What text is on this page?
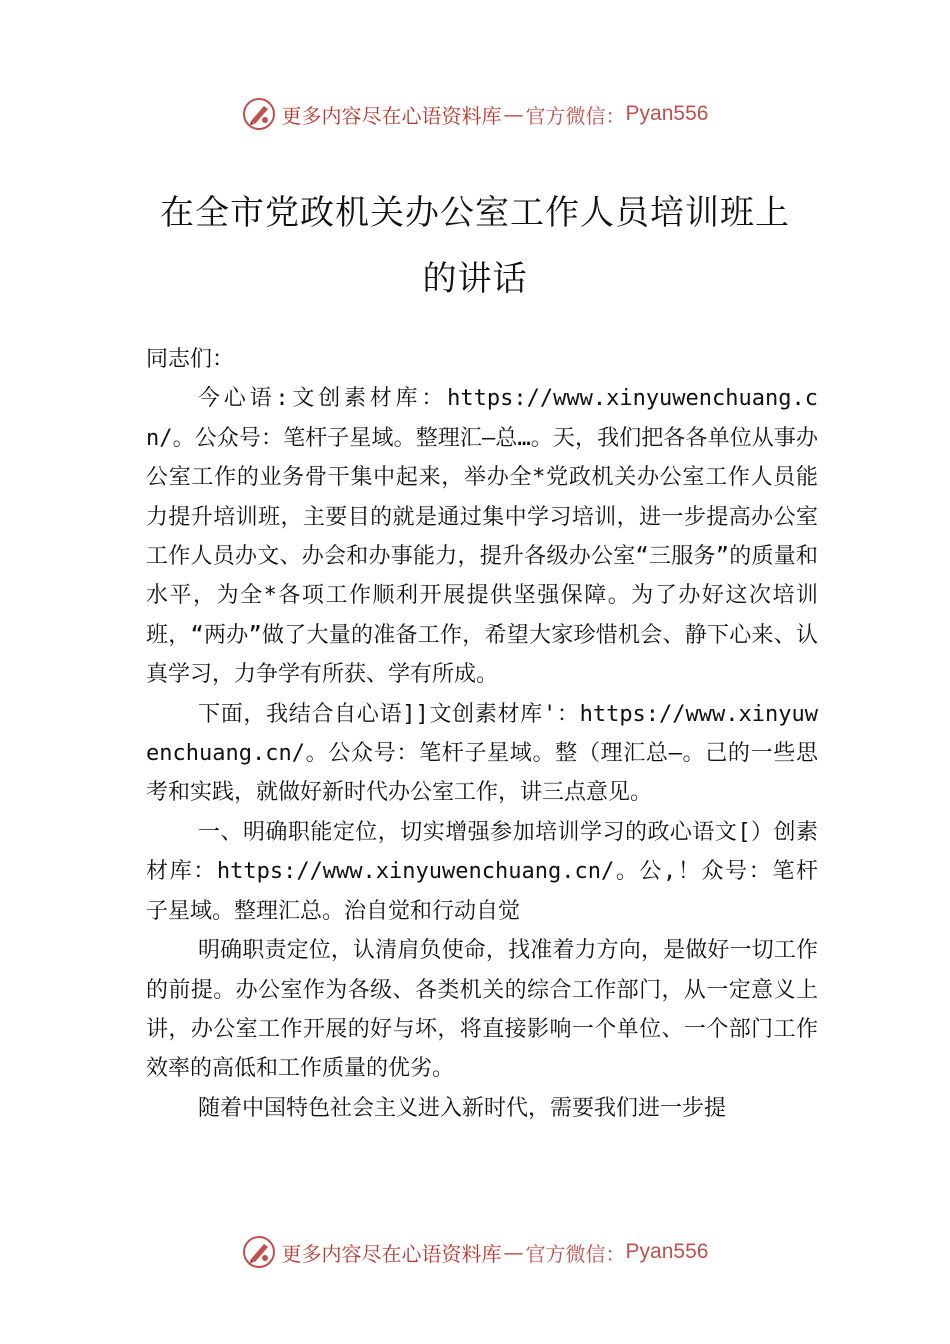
更多内容尽在心语资料库 — 官方微信： Pyan556
在全市党政机关办公室工作人员培训班上
的讲话

同志们：

今心语:文创素材库：https://www.xinyuwenchuang.cn/。公众号：笔杆子星域。整理汇—总…。天，我们把各各单位从事办公室工作的业务骨干集中起来，举办全*党政机关办公室工作人员能力提升培训班，主要目的就是通过集中学习培训，进一步提高办公室工作人员办文、办会和办事能力，提升各级办公室“三服务”的质量和水平，为全*各项工作顺利开展提供坚强保障。为了办好这次培训班，“两办”做了大量的准备工作，希望大家珍惜机会、静下心来、认真学习，力争学有所获、学有所成。

下面，我结合自心语]]文创素材库'：https://www.xinyuwenchuang.cn/。公众号：笔杆子星域。整（理汇总—。己的一些思考和实践，就做好新时代办公室工作，讲三点意见。

一、明确职能定位，切实增强参加培训学习的政心语文[）创素材库：https://www.xinyuwenchuang.cn/。公,！众号：笔杆子星域。整理汇总。治自觉和行动自觉

明确职责定位，认清肩负使命，找准着力方向，是做好一切工作的前提。办公室作为各级、各类机关的综合工作部门，从一定意义上讲，办公室工作开展的好与坏，将直接影响一个单位、一个部门工作效率的高低和工作质量的优劣。

随着中国特色社会主义进入新时代，需要我们进一步提

更多内容尽在心语资料库 — 官方微信： Pyan556
